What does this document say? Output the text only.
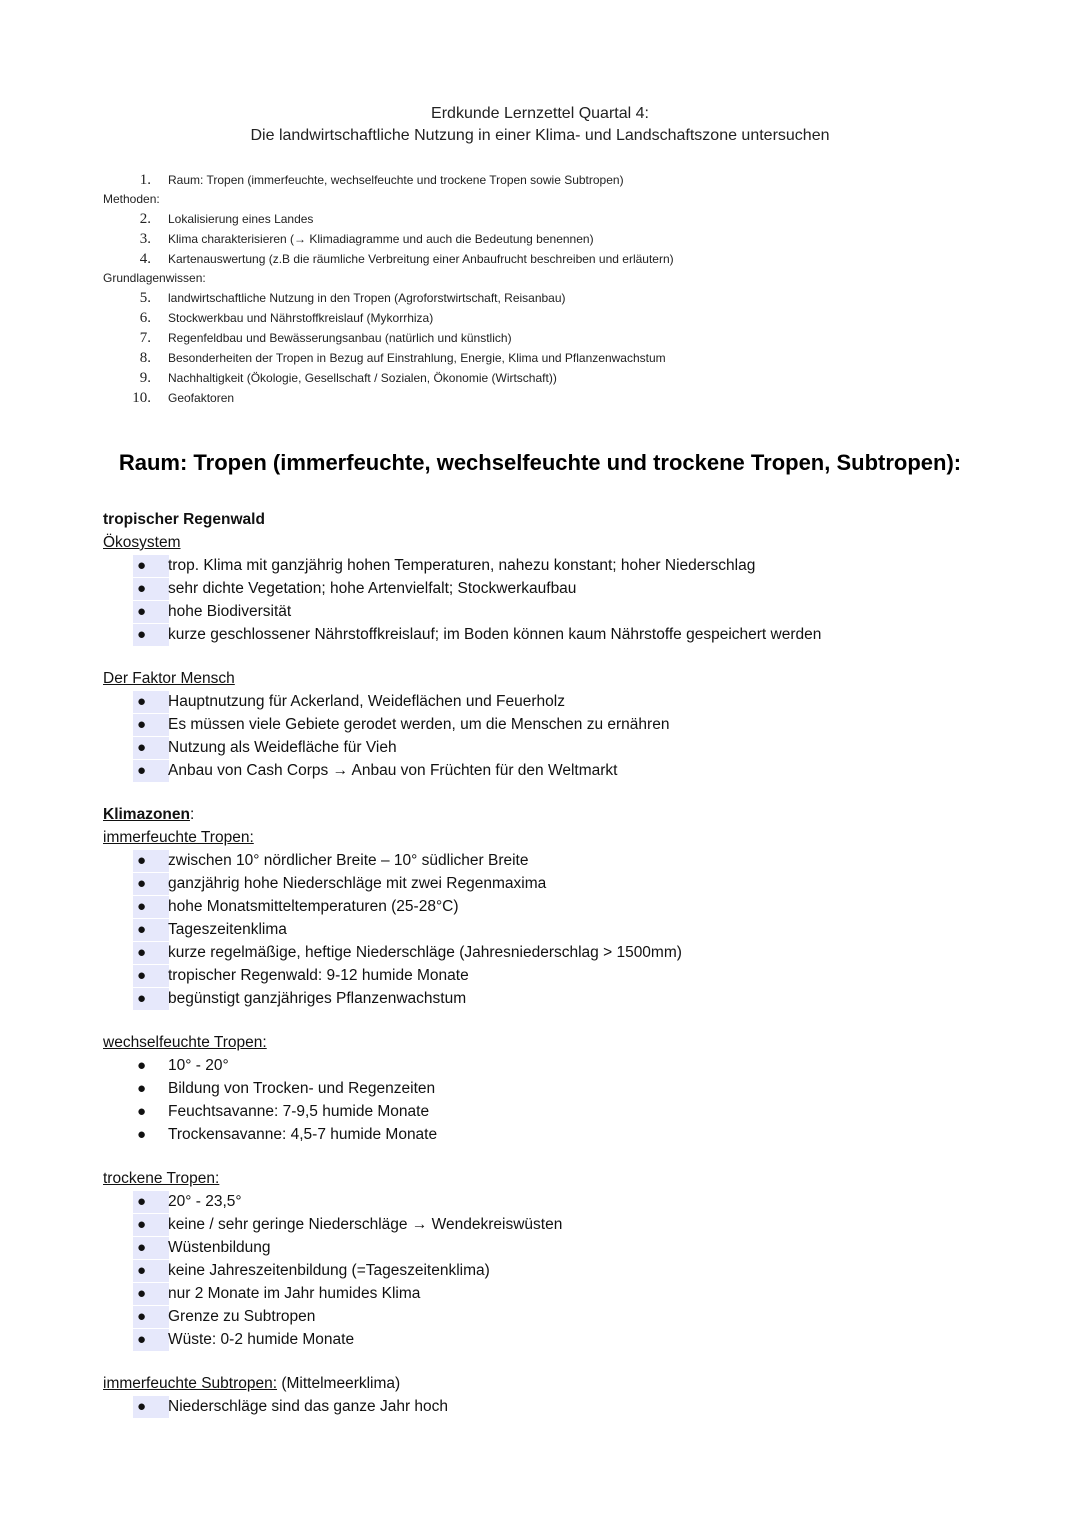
Erdkunde Lernzettel Quartal 4:
Die landwirtschaftliche Nutzung in einer Klima- und Landschaftszone untersuchen
1. Raum: Tropen (immerfeuchte, wechselfeuchte und trockene Tropen sowie Subtropen)
Methoden:
2. Lokalisierung eines Landes
3. Klima charakterisieren (→ Klimadiagramme und auch die Bedeutung benennen)
4. Kartenauswertung (z.B die räumliche Verbreitung einer Anbaufrucht beschreiben und erläutern)
Grundlagenwissen:
5. landwirtschaftliche Nutzung in den Tropen (Agroforstwirtschaft, Reisanbau)
6. Stockwerkbau und Nährstoffkreislauf (Mykorrhiza)
7. Regenfeldbau und Bewässerungsanbau (natürlich und künstlich)
8. Besonderheiten der Tropen in Bezug auf Einstrahlung, Energie, Klima und Pflanzenwachstum
9. Nachhaltigkeit (Ökologie, Gesellschaft / Sozialen, Ökonomie (Wirtschaft))
10. Geofaktoren
Raum: Tropen (immerfeuchte, wechselfeuchte und trockene Tropen, Subtropen):
tropischer Regenwald
Ökosystem
● trop. Klima mit ganzjährig hohen Temperaturen, nahezu konstant; hoher Niederschlag
● sehr dichte Vegetation; hohe Artenvielfalt; Stockwerkaufbau
● hohe Biodiversität
● kurze geschlossener Nährstoffkreislauf; im Boden können kaum Nährstoffe gespeichert werden
Der Faktor Mensch
● Hauptnutzung für Ackerland, Weideflächen und Feuerholz
● Es müssen viele Gebiete gerodet werden, um die Menschen zu ernähren
● Nutzung als Weidefläche für Vieh
● Anbau von Cash Corps → Anbau von Früchten für den Weltmarkt
Klimazonen:
immerfeuchte Tropen:
● zwischen 10° nördlicher Breite – 10° südlicher Breite
● ganzjährig hohe Niederschläge mit zwei Regenmaxima
● hohe Monatsmitteltemperaturen (25-28°C)
● Tageszeitenklima
● kurze regelmäßige, heftige Niederschläge (Jahresniederschlag > 1500mm)
● tropischer Regenwald: 9-12 humide Monate
● begünstigt ganzjähriges Pflanzenwachstum
wechselfeuchte Tropen:
● 10° - 20°
● Bildung von Trocken- und Regenzeiten
● Feuchtsavanne: 7-9,5 humide Monate
● Trockensavanne: 4,5-7 humide Monate
trockene Tropen:
● 20° - 23,5°
● keine / sehr geringe Niederschläge → Wendekreiswüsten
● Wüstenbildung
● keine Jahreszeitenbildung (=Tageszeitenklima)
● nur 2 Monate im Jahr humides Klima
● Grenze zu Subtropen
● Wüste: 0-2 humide Monate
immerfeuchte Subtropen: (Mittelmeerklima)
● Niederschläge sind das ganze Jahr hoch
